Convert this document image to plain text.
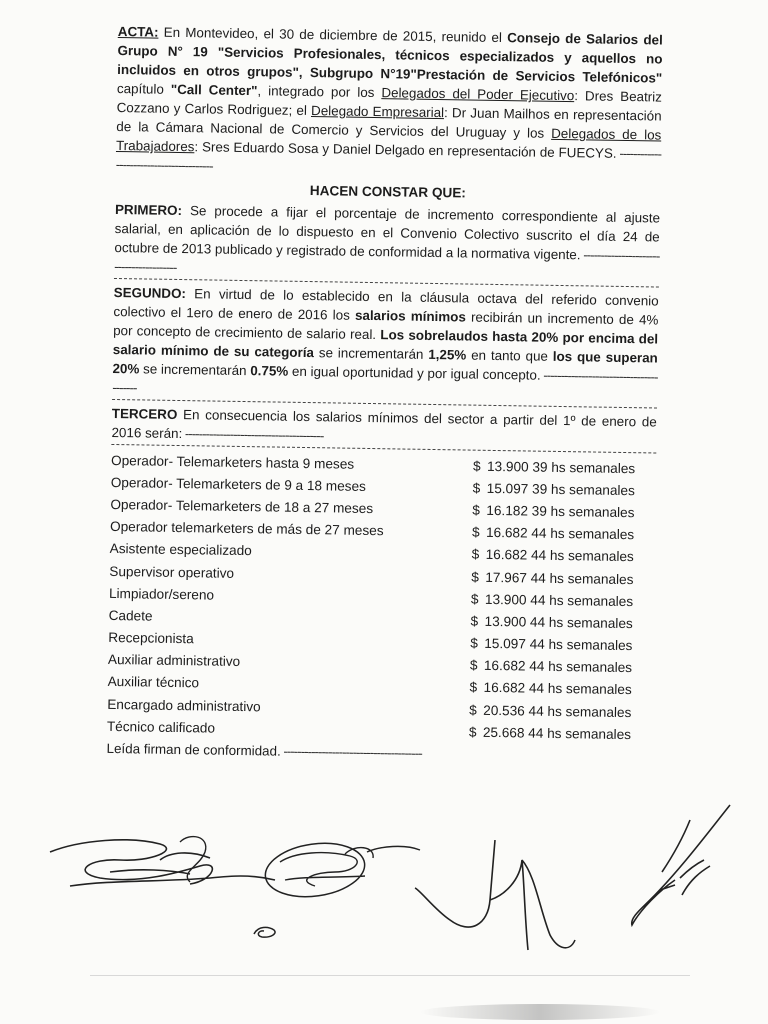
ACTA: En Montevideo, el 30 de diciembre de 2015, reunido el Consejo de Salarios del Grupo N° 19 "Servicios Profesionales, técnicos especializados y aquellos no incluidos en otros grupos", Subgrupo N°19"Prestación de Servicios Telefónicos" capítulo "Call Center", integrado por los Delegados del Poder Ejecutivo: Dres Beatriz Cozzano y Carlos Rodriguez; el Delegado Empresarial: Dr Juan Mailhos en representación de la Cámara Nacional de Comercio y Servicios del Uruguay y los Delegados de los Trabajadores: Sres Eduardo Sosa y Daniel Delgado en representación de FUECYS. -----

HACEN CONSTAR QUE:

PRIMERO: Se procede a fijar el porcentaje de incremento correspondiente al ajuste salarial, en aplicación de lo dispuesto en el Convenio Colectivo suscrito el día 24 de octubre de 2013 publicado y registrado de conformidad a la normativa vigente. -----

SEGUNDO: En virtud de lo establecido en la cláusula octava del referido convenio colectivo el 1ero de enero de 2016 los salarios mínimos recibirán un incremento de 4% por concepto de crecimiento de salario real. Los sobrelaudos hasta 20% por encima del salario mínimo de su categoría se incrementarán 1,25% en tanto que los que superan 20% se incrementarán 0.75% en igual oportunidad y por igual concepto. -----

TERCERO En consecuencia los salarios mínimos del sector a partir del 1º de enero de 2016 serán: -----

Operador- Telemarketers hasta 9 meses	$ 13.900 39 hs semanales
Operador- Telemarketers de 9 a 18 meses	$ 15.097 39 hs semanales
Operador- Telemarketers de 18 a 27 meses	$ 16.182 39 hs semanales
Operador telemarketers de más de 27 meses	$ 16.682 44 hs semanales
Asistente especializado	$ 16.682 44 hs semanales
Supervisor operativo	$ 17.967 44 hs semanales
Limpiador/sereno	$ 13.900 44 hs semanales
Cadete	$ 13.900 44 hs semanales
Recepcionista	$ 15.097 44 hs semanales
Auxiliar administrativo	$ 16.682 44 hs semanales
Auxiliar técnico	$ 16.682 44 hs semanales
Encargado administrativo	$ 20.536 44 hs semanales
Técnico calificado	$ 25.668 44 hs semanales

Leída firman de conformidad. -----
